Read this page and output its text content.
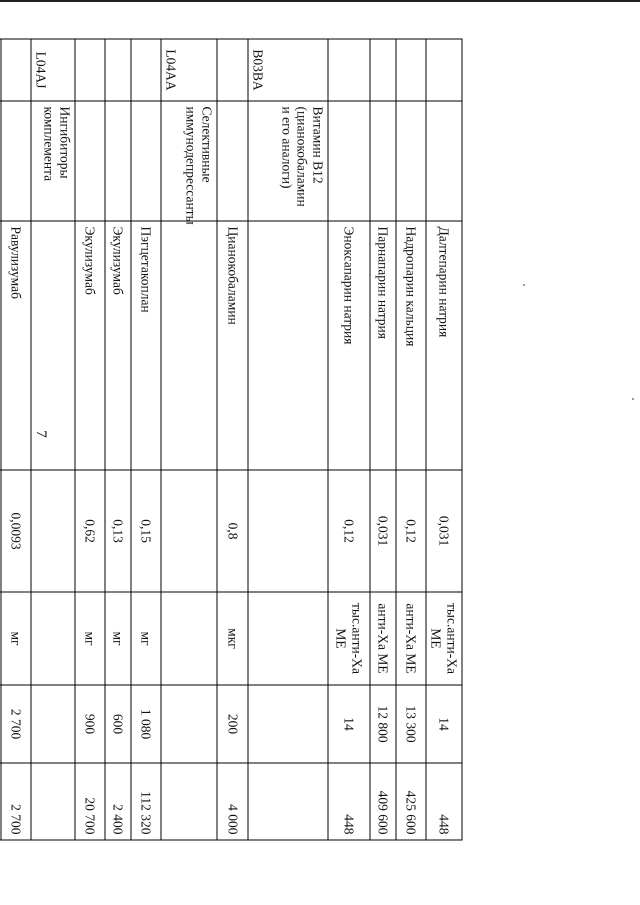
7
		Далтепарин натрия	0,031	тыс.анти-Ха МЕ	14	448
		Надропарин кальция	0,12	анти-Ха МЕ	13 300	425 600
		Парнапарин натрия	0,031	анти-Ха МЕ	12 800	409 600
		Эноксапарин натрия	0,12	тыс.анти-Ха МЕ	14	448
B03BA	Витамин B12 (цианокобаламин и его аналоги)					
		Цианокобаламин	0,8	мкг	200	4 000
L04AA	Селективные иммунодепрессанты					
		Пэгцетакоплан	0,15	мг	1 080	112 320
		Экулизумаб	0,13	мг	600	2 400
		Экулизумаб	0,62	мг	900	20 700
L04AJ	Ингибиторы комплемента					
		Равулизумаб	0,0093	мг	2 700	2 700
